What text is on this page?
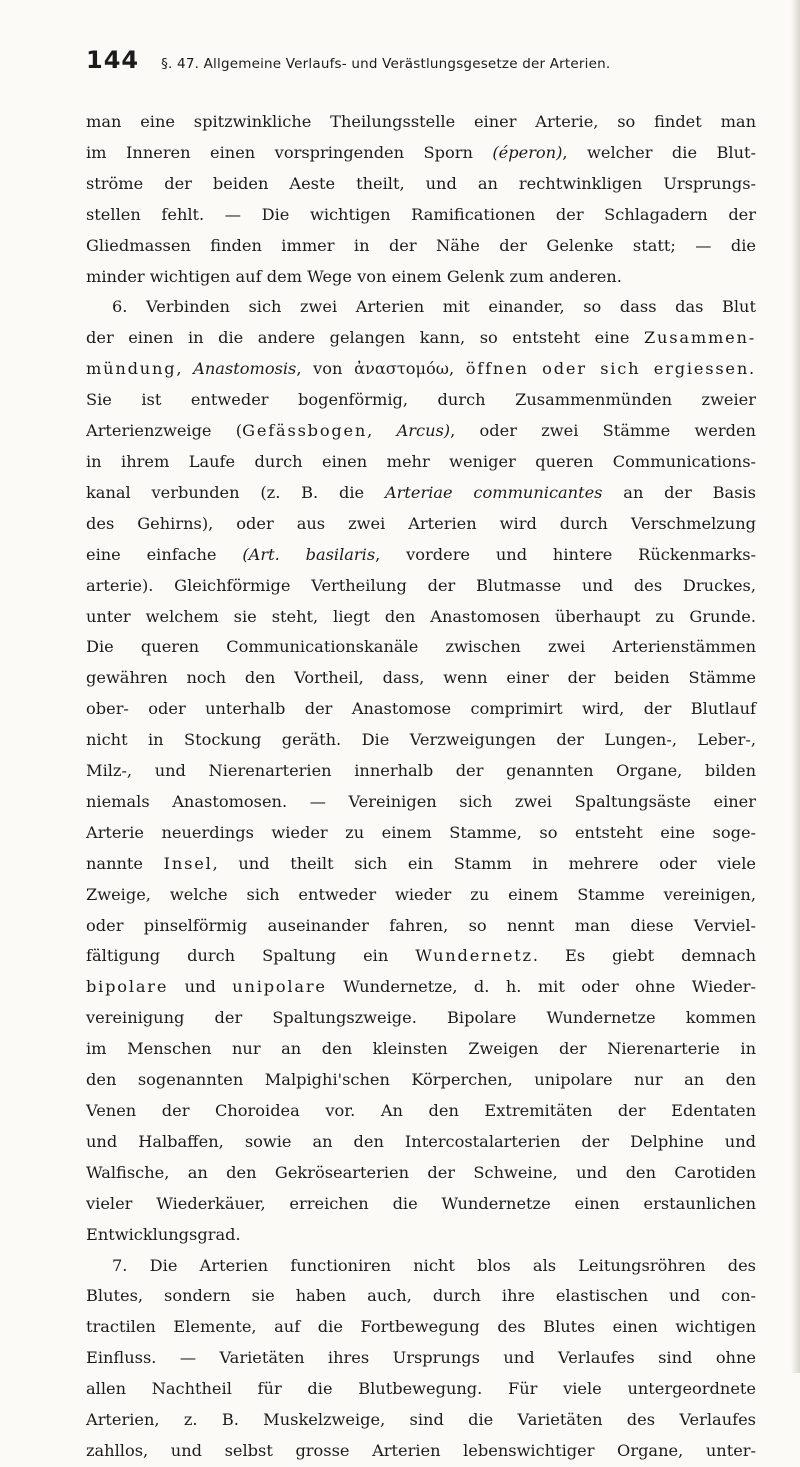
144 §. 47. Allgemeine Verlaufs- und Verästlungsgesetze der Arterien.
man eine spitzwinkliche Theilungsstelle einer Arterie, so findet man
im Inneren einen vorspringenden Sporn (éperon), welcher die Blut-
ströme der beiden Aeste theilt, und an rechtwinkligen Ursprungs-
stellen fehlt. — Die wichtigen Ramificationen der Schlagadern der
Gliedmassen finden immer in der Nähe der Gelenke statt; — die
minder wichtigen auf dem Wege von einem Gelenk zum anderen.
6. Verbinden sich zwei Arterien mit einander, so dass das Blut
der einen in die andere gelangen kann, so entsteht eine Zusammen-
mündung, Anastomosis, von ἀναστομόω, öffnen oder sich ergiessen.
Sie ist entweder bogenförmig, durch Zusammenmünden zweier
Arterienzweige (Gefässbogen, Arcus), oder zwei Stämme werden
in ihrem Laufe durch einen mehr weniger queren Communications-
kanal verbunden (z. B. die Arteriae communicantes an der Basis
des Gehirns), oder aus zwei Arterien wird durch Verschmelzung
eine einfache (Art. basilaris, vordere und hintere Rückenmarks-
arterie). Gleichförmige Vertheilung der Blutmasse und des Druckes,
unter welchem sie steht, liegt den Anastomosen überhaupt zu Grunde.
Die queren Communicationskanäle zwischen zwei Arterienstämmen
gewähren noch den Vortheil, dass, wenn einer der beiden Stämme
ober- oder unterhalb der Anastomose comprimirt wird, der Blutlauf
nicht in Stockung geräth. Die Verzweigungen der Lungen-, Leber-,
Milz-, und Nierenarterien innerhalb der genannten Organe, bilden
niemals Anastomosen. — Vereinigen sich zwei Spaltungsäste einer
Arterie neuerdings wieder zu einem Stamme, so entsteht eine soge-
nannte Insel, und theilt sich ein Stamm in mehrere oder viele
Zweige, welche sich entweder wieder zu einem Stamme vereinigen,
oder pinselförmig auseinander fahren, so nennt man diese Verviel-
fältigung durch Spaltung ein Wundernetz. Es giebt demnach
bipolare und unipolare Wundernetze, d. h. mit oder ohne Wieder-
vereinigung der Spaltungszweige. Bipolare Wundernetze kommen
im Menschen nur an den kleinsten Zweigen der Nierenarterie in
den sogenannten Malpighi'schen Körperchen, unipolare nur an den
Venen der Choroidea vor. An den Extremitäten der Edentaten
und Halbaffen, sowie an den Intercostalarterien der Delphine und
Walfische, an den Gekrösearterien der Schweine, und den Carotiden
vieler Wiederkäuer, erreichen die Wundernetze einen erstaunlichen
Entwicklungsgrad.
7. Die Arterien functioniren nicht blos als Leitungsröhren des
Blutes, sondern sie haben auch, durch ihre elastischen und con-
tractilen Elemente, auf die Fortbewegung des Blutes einen wichtigen
Einfluss. — Varietäten ihres Ursprungs und Verlaufes sind ohne
allen Nachtheil für die Blutbewegung. Für viele untergeordnete
Arterien, z. B. Muskelzweige, sind die Varietäten des Verlaufes
zahllos, und selbst grosse Arterien lebenswichtiger Organe, unter-
